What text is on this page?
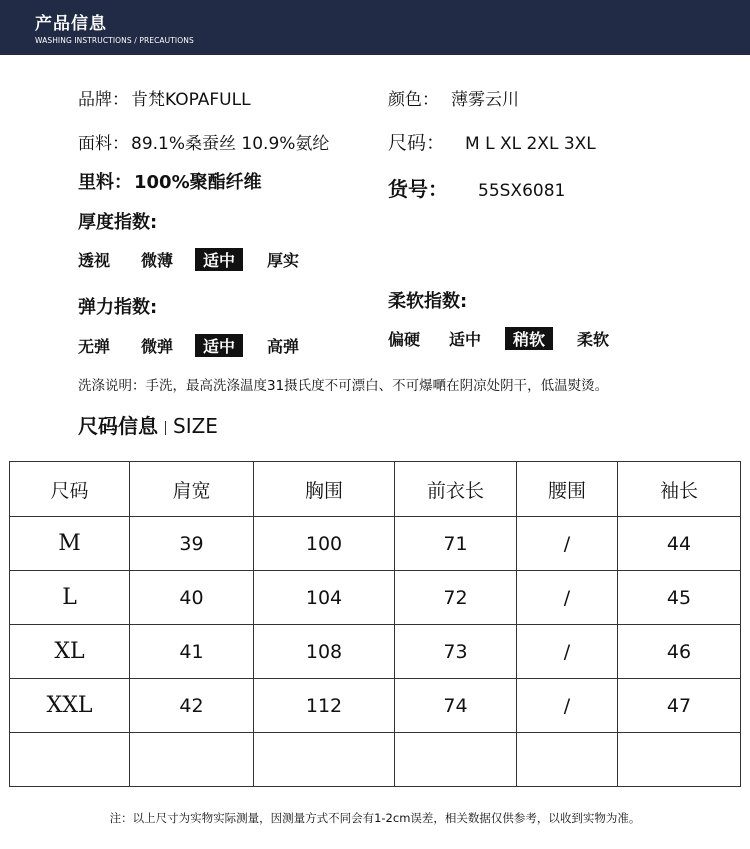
产品信息
WASHING INSTRUCTIONS / PRECAUTIONS
品牌： 肯梵KOPAFULL	颜色： 薄雾云川
面料： 89.1%桑蚕丝 10.9%氨纶	尺码： M L XL 2XL 3XL
里料： 100%聚酯纤维	货号： 55SX6081
厚度指数:
透视 微薄	适中	厚实
弹力指数:
无弹 微弹	适中	高弹
柔软指数:
偏硬 适中	稍软	柔软
洗涤说明：手洗，最高洗涤温度31摄氏度不可漂白、不可爆嗮在阴凉处阴干，低温熨烫。
尺码信息 SIZE
尺码	肩宽	胸围	前衣长	腰围	袖长
M	39	100	71	/	44
L	40	104	72	/	45
XL	41	108	73	/	46
XXL	42	112	74	/	47

注：以上尺寸为实物实际测量，因测量方式不同会有1-2cm误差，相关数据仅供参考，以收到实物为准。
